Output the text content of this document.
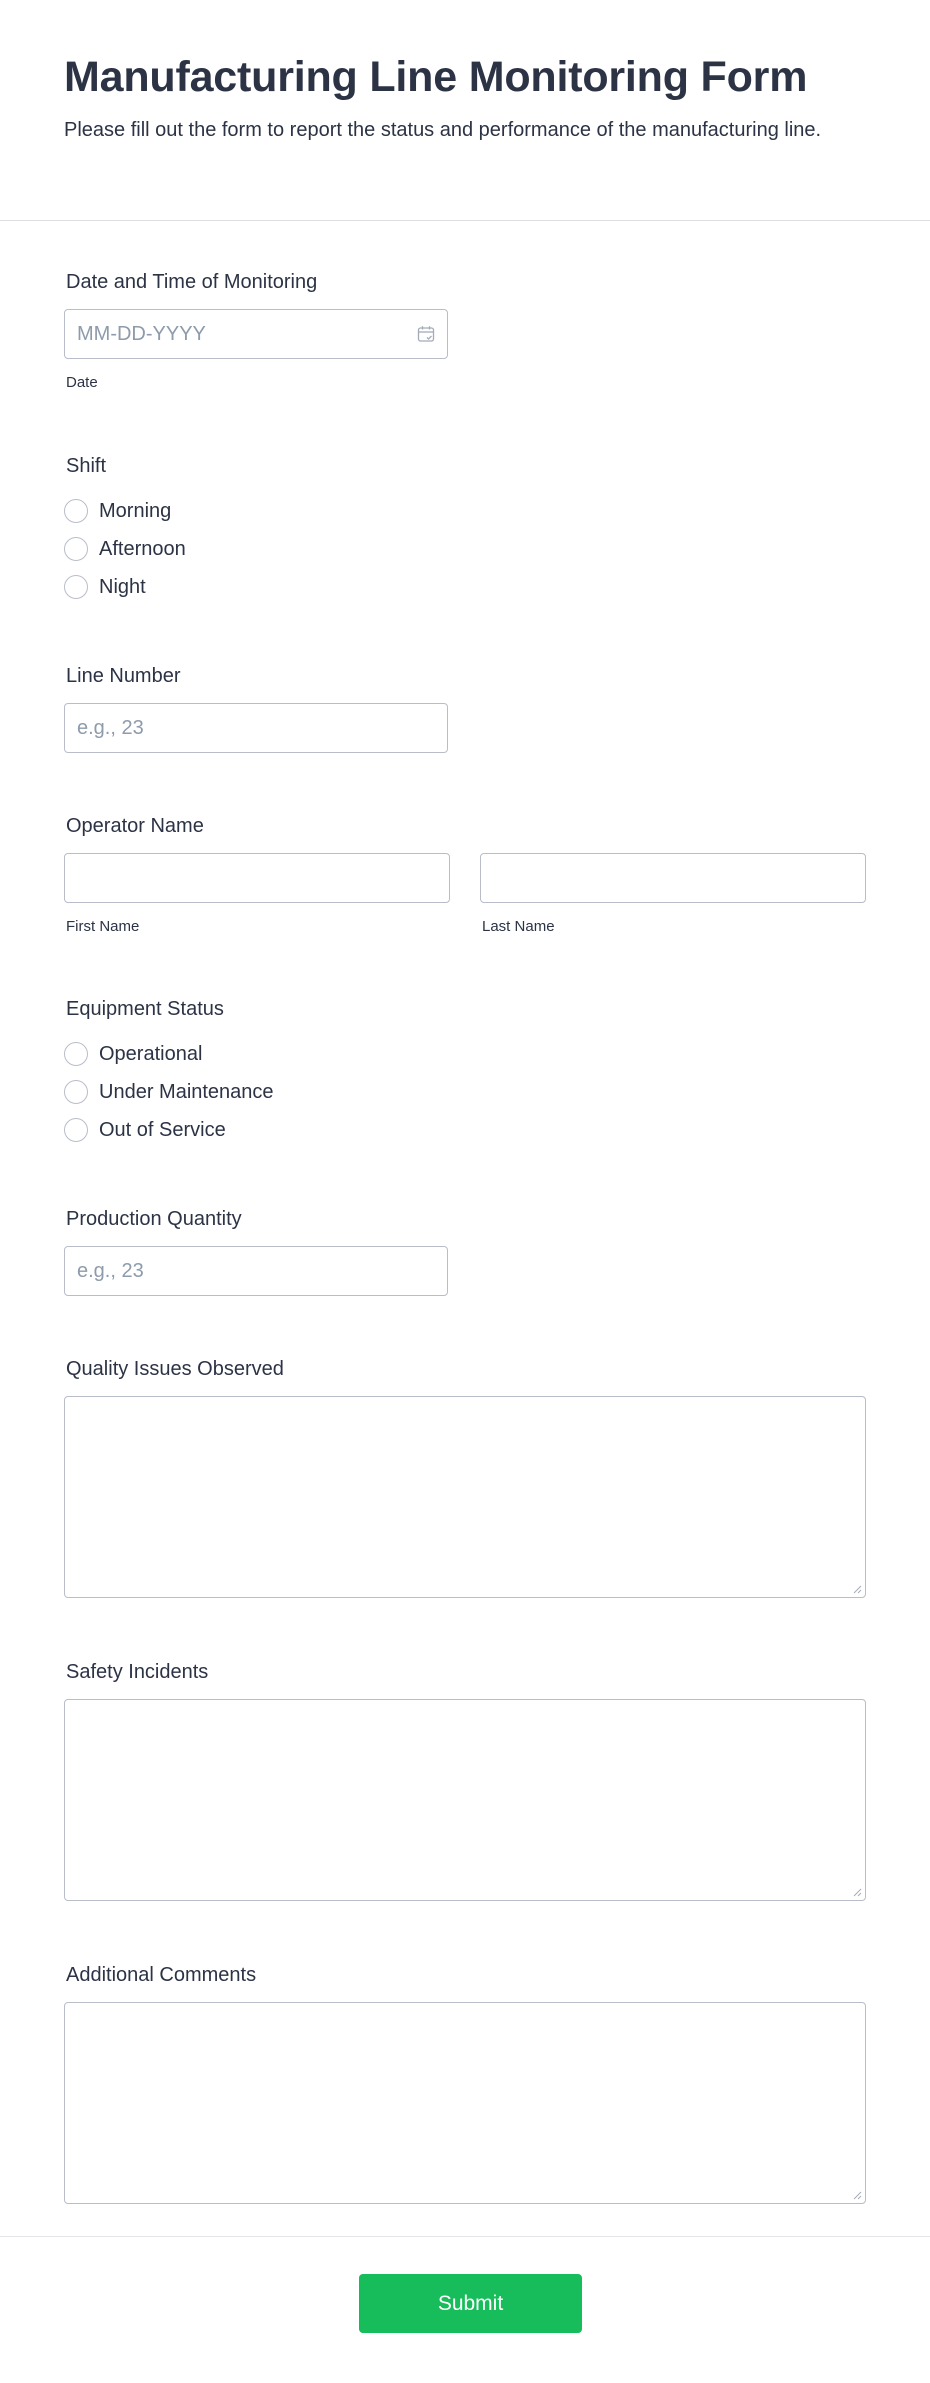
Manufacturing Line Monitoring Form

Please fill out the form to report the status and performance of the manufacturing line.

Date and Time of Monitoring
MM-DD-YYYY
Date
Shift
Morning
Afternoon
Night
Line Number
e.g., 23
Operator Name
First Name	Last Name
Equipment Status
Operational
Under Maintenance
Out of Service
Production Quantity
e.g., 23
Quality Issues Observed
Safety Incidents
Additional Comments
Submit
